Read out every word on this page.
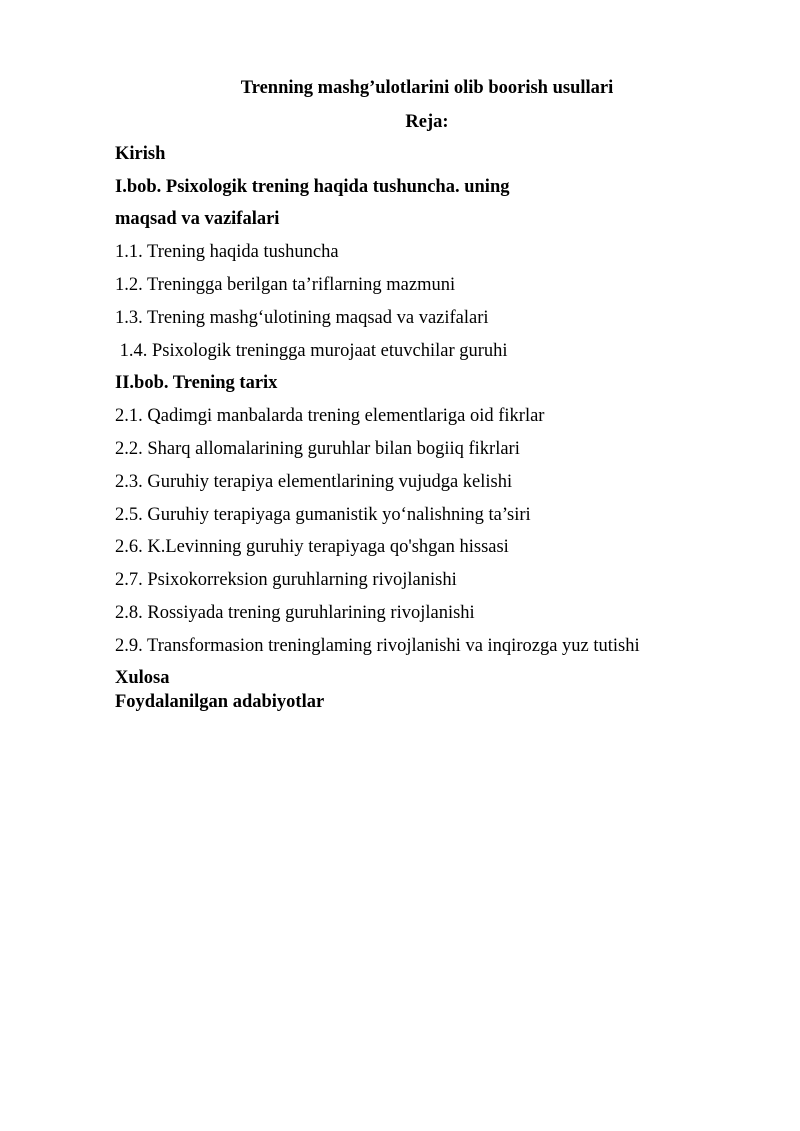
Trenning mashg’ulotlarini olib boorish usullari
Reja:
Kirish
I.bob. Psixologik trening haqida tushuncha. uning
maqsad va vazifalari
1.1. Trening haqida tushuncha
1.2. Treningga berilgan ta’riflarning mazmuni
1.3. Trening mashg‘ulotining maqsad va vazifalari
1.4. Psixologik treningga murojaat etuvchilar guruhi
II.bob. Trening tarix
2.1. Qadimgi manbalarda trening elementlariga oid fikrlar
2.2. Sharq allomalarining guruhlar bilan bogiiq fikrlari
2.3. Guruhiy terapiya elementlarining vujudga kelishi
2.5. Guruhiy terapiyaga gumanistik yo‘nalishning ta’siri
2.6. K.Levinning guruhiy terapiyaga qo'shgan hissasi
2.7. Psixokorreksion guruhlarning rivojlanishi
2.8. Rossiyada trening guruhlarining rivojlanishi
2.9. Transformasion treninglaming rivojlanishi va inqirozga yuz tutishi
Xulosa
Foydalanilgan adabiyotlar
